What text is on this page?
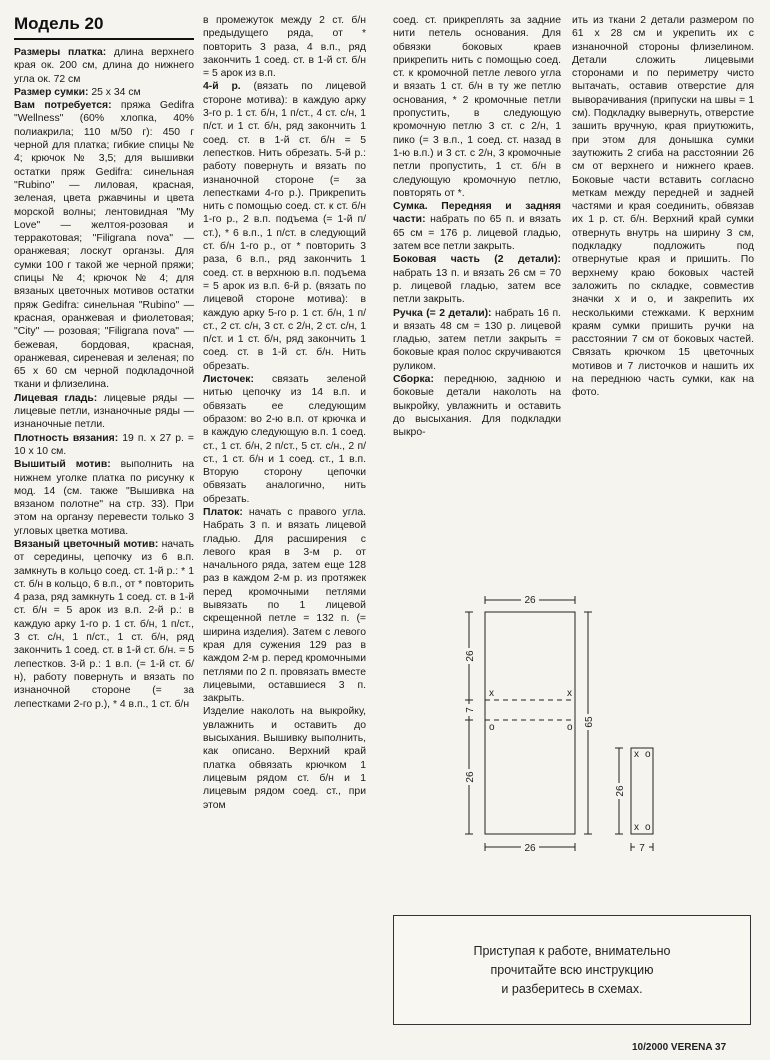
Модель 20

Размеры платка: длина верхнего края ок. 200 см, длина до нижнего угла ок. 72 см

Размер сумки: 25 х 34 см

Вам потребуется: пряжа Gedifra "Wellness" (60% хлопка, 40% полиакрила; 110 м/50 г): 450 г черной для платка; гибкие спицы № 4; крючок № 3,5; для вышивки остатки пряж Gedifra: синельная "Rubino" — лиловая, красная, зеленая, цвета ржавчины и цвета морской волны; лентовидная "My Love" — желтоя-розовая и терракотовая; "Filigrana nova" — оранжевая; лоскут органзы. Для сумки 100 г такой же черной пряжи; спицы № 4; крючок № 4; для вязаных цветочных мотивов остатки пряж Gedifra: синельная "Rubino" — красная, оранжевая и фиолетовая; "City" — розовая; "Filigrana nova" — бежевая, бордовая, красная, оранжевая, сиреневая и зеленая; по 65 х 60 см черной подкладочной ткани и флизелина.

Лицевая гладь: лицевые ряды — лицевые петли, изнаночные ряды — изнаночные петли.

Плотность вязания: 19 п. х 27 р. = 10 х 10 см.

Вышитый мотив: выполнить на нижнем уголке платка по рисунку к мод. 14 (см. также "Вышивка на вязаном полотне" на стр. 33). При этом на органзу перевести только 3 угловых цветка мотива.

Вязаный цветочный мотив: начать от середины, цепочку из 6 в.п. замкнуть в кольцо соед. ст. 1-й р.: * 1 ст. б/н в кольцо, 6 в.п., от * повторить 4 раза, ряд замкнуть 1 соед. ст. в 1-й ст. б/н = 5 арок из в.п. 2-й р.: в каждую арку 1-го р. 1 ст. б/н, 1 п/ст., 3 ст. с/н, 1 п/ст., 1 ст. б/н, ряд закончить 1 соед. ст. в 1-й ст. б/н. = 5 лепестков. 3-й р.: 1 в.п. (= 1-й ст. б/н), работу повернуть и вязать по изнаночной стороне (= за лепестками 2-го р.), * 4 в.п., 1 ст. б/н

в промежуток между 2 ст. б/н предыдущего ряда, от * повторить 3 раза, 4 в.п., ряд закончить 1 соед. ст. в 1-й ст. б/н = 5 арок из в.п.

4-й р. (вязать по лицевой стороне мотива): в каждую арку 3-го р. 1 ст. б/н, 1 п/ст., 4 ст. с/н, 1 п/ст. и 1 ст. б/н, ряд закончить 1 соед. ст. в 1-й ст. б/н = 5 лепестков. Нить обрезать. 5-й р.: работу повернуть и вязать по изнаночной стороне (= за лепестками 4-го р.). Прикрепить нить с помощью соед. ст. к ст. б/н 1-го р., 2 в.п. подъема (= 1-й п/ст.), * 6 в.п., 1 п/ст. в следующий ст. б/н 1-го р., от * повторить 3 раза, 6 в.п., ряд закончить 1 соед. ст. в верхнюю в.п. подъема = 5 арок из в.п. 6-й р. (вязать по лицевой стороне мотива): в каждую арку 5-го р. 1 ст. б/н, 1 п/ст., 2 ст. с/н, 3 ст. с 2/н, 2 ст. с/н, 1 п/ст. и 1 ст. б/н, ряд закончить 1 соед. ст. в 1-й ст. б/н. Нить обрезать.

Листочек: связать зеленой нитью цепочку из 14 в.п. и обвязать ее следующим образом: во 2-ю в.п. от крючка и в каждую следующую в.п. 1 соед. ст., 1 ст. б/н, 2 п/ст., 5 ст. с/н., 2 п/ст., 1 ст. б/н и 1 соед. ст., 1 в.п. Вторую сторону цепочки обвязать аналогично, нить обрезать.

Платок: начать с правого угла. Набрать 3 п. и вязать лицевой гладью. Для расширения с левого края в 3-м р. от начального ряда, затем еще 128 раз в каждом 2-м р. из протяжек перед кромочными петлями вывязать по 1 лицевой скрещенной петле = 132 п. (= ширина изделия). Затем с левого края для сужения 129 раз в каждом 2-м р. перед кромочными петлями по 2 п. провязать вместе лицевыми, оставшиеся 3 п. закрыть.

Изделие наколоть на выкройку, увлажнить и оставить до высыхания. Вышивку выполнить, как описано. Верхний край платка обвязать крючком 1 лицевым рядом ст. б/н и 1 лицевым рядом соед. ст., при этом

соед. ст. прикреплять за задние нити петель основания. Для обвязки боковых краев прикрепить нить с помощью соед. ст. к кромочной петле левого угла и вязать 1 ст. б/н в ту же петлю основания, * 2 кромочные петли пропустить, в следующую кромочную петлю 3 ст. с 2/н, 1 пико (= 3 в.п., 1 соед. ст. назад в 1-ю в.п.) и 3 ст. с 2/н, 3 кромочные петли пропустить, 1 ст. б/н в следующую кромочную петлю, повторять от *.

Сумка. Передняя и задняя части: набрать по 65 п. и вязать 65 см = 176 р. лицевой гладью, затем все петли закрыть.

Боковая часть (2 детали): набрать 13 п. и вязать 26 см = 70 р. лицевой гладью, затем все петли закрыть.

Ручка (= 2 детали): набрать 16 п. и вязать 48 см = 130 р. лицевой гладью, затем петли закрыть = боковые края полос скручиваются руликом.

Сборка: переднюю, заднюю и боковые детали наколоть на выкройку, увлажнить и оставить до высыхания. Для подкладки выкро-

ить из ткани 2 детали размером по 61 х 28 см и укрепить их с изнаночной стороны флизелином. Детали сложить лицевыми сторонами и по периметру чисто вытачать, оставив отверстие для выворачивания (припуски на швы = 1 см). Подкладку вывернуть, отверстие зашить вручную, края приутюжить, при этом для донышка сумки заутюжить 2 сгиба на расстоянии 26 см от верхнего и нижнего краев. Боковые части вставить согласно меткам между передней и задней частями и края соединить, обвязав их 1 р. ст. б/н. Верхний край сумки отвернуть внутрь на ширину 3 см, подкладку подложить под отвернутые края и пришить. По верхнему краю боковых частей заложить по складке, совместив значки х и о, и закрепить их несколькими стежками. К верхним краям сумки пришить ручки на расстоянии 7 см от боковых частей. Связать крючком 15 цветочных мотивов и 7 листочков и нашить их на переднюю часть сумки, как на фото.

x	x
o	o
x o
x o
26
26	7
26
7
26
65
26

Приступая к работе, внимательно
прочитайте всю инструкцию
и разберитесь в схемах.

10/2000 VERENA 37
